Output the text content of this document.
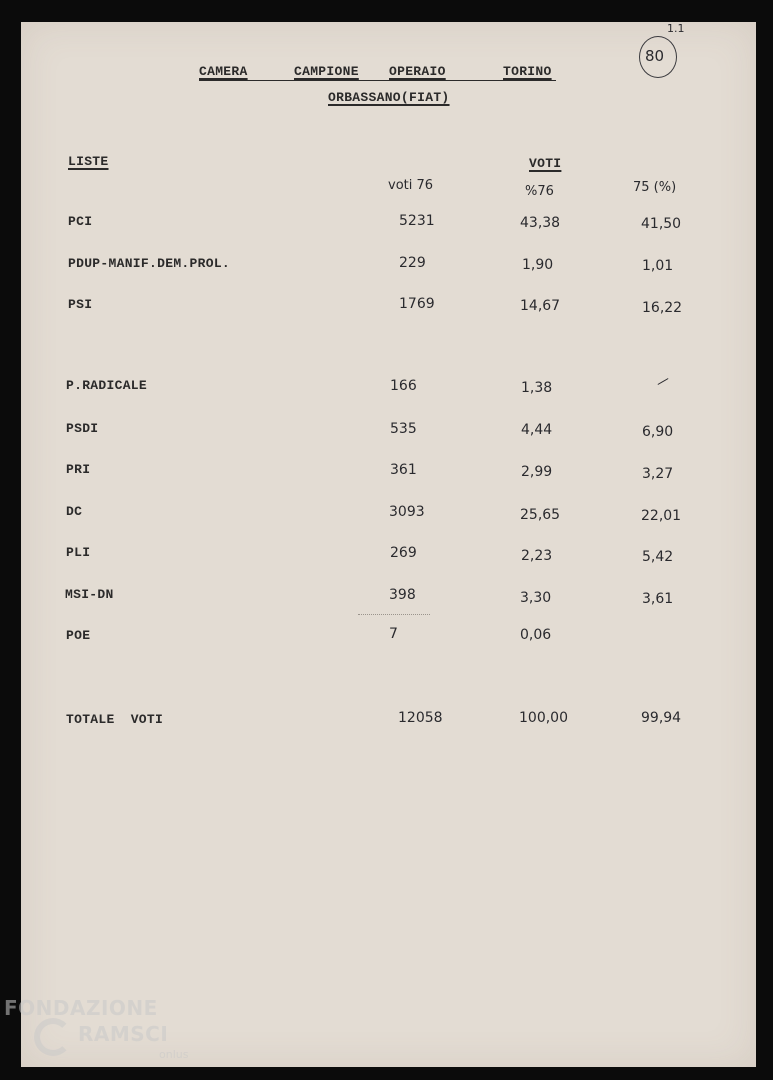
CAMERA	CAMPIONE OPERAIO	TORINO
ORBASSANO(FIAT)
1.1
80
LISTE	VOTI
voti 76	%76	75 (%)
PCI	5231	43,38	41,50
PDUP-MANIF.DEM.PROL.	229	1,90	1,01
PSI	1769	14,67	16,22
P.RADICALE	166	1,38
PSDI	535	4,44	6,90
PRI	361	2,99	3,27
DC	3093	25,65	22,01
PLI	269	2,23	5,42
MSI-DN	398	3,30	3,61
POE	7	0,06
TOTALE VOTI	12058	100,00	99,94
FONDAZIONE
RAMSCI
onlus
